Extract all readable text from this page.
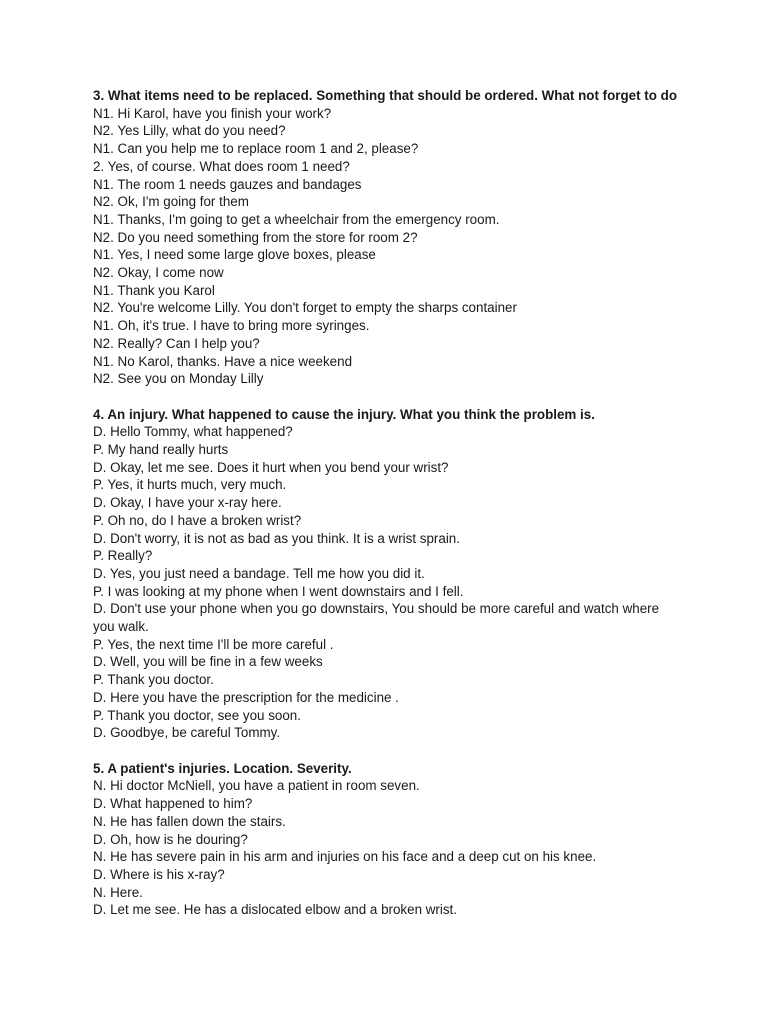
3. What items need to be replaced. Something that should be ordered. What not forget to do

N1. Hi Karol, have you finish your work?

N2. Yes Lilly, what do you need?

N1. Can you help me to replace room 1 and 2, please?

2. Yes, of course. What does room 1 need?

N1. The room 1 needs gauzes and bandages

N2. Ok, I'm going for them

N1. Thanks, I'm going to get a wheelchair from the emergency room.

N2. Do you need something from the store for room 2?

N1. Yes, I need some large glove boxes, please

N2. Okay, I come now

N1. Thank you Karol

N2. You're welcome Lilly. You don't forget to empty the sharps container

N1. Oh, it's true. I have to bring more syringes.

N2. Really? Can I help you?

N1. No Karol, thanks. Have a nice weekend

N2. See you on Monday Lilly

4. An injury. What happened to cause the injury. What you think the problem is.

D. Hello Tommy, what happened?

P. My hand really hurts

D. Okay, let me see. Does it hurt when you bend your wrist?

P. Yes, it hurts much, very much.

D. Okay, I have your x-ray here.

P. Oh no, do I have a broken wrist?

D. Don't worry, it is not as bad as you think. It is a wrist sprain.

P. Really?

D. Yes, you just need a bandage. Tell me how you did it.

P. I was looking at my phone when I went downstairs and I fell.

D. Don't use your phone when you go downstairs, You should be more careful and watch where you walk.

P. Yes, the next time I'll be more careful .

D. Well, you will be fine in a few weeks

P. Thank you doctor.

D. Here you have the prescription for the medicine .

P. Thank you doctor, see you soon.

D. Goodbye, be careful Tommy.

5. A patient's injuries. Location. Severity.

N. Hi doctor McNiell, you have a patient in room seven.

D. What happened to him?

N. He has fallen down the stairs.

D. Oh, how is he douring?

N. He has severe pain in his arm and injuries on his face and a deep cut on his knee.

D. Where is his x-ray?

N. Here.

D. Let me see. He has a dislocated elbow and a broken wrist.
